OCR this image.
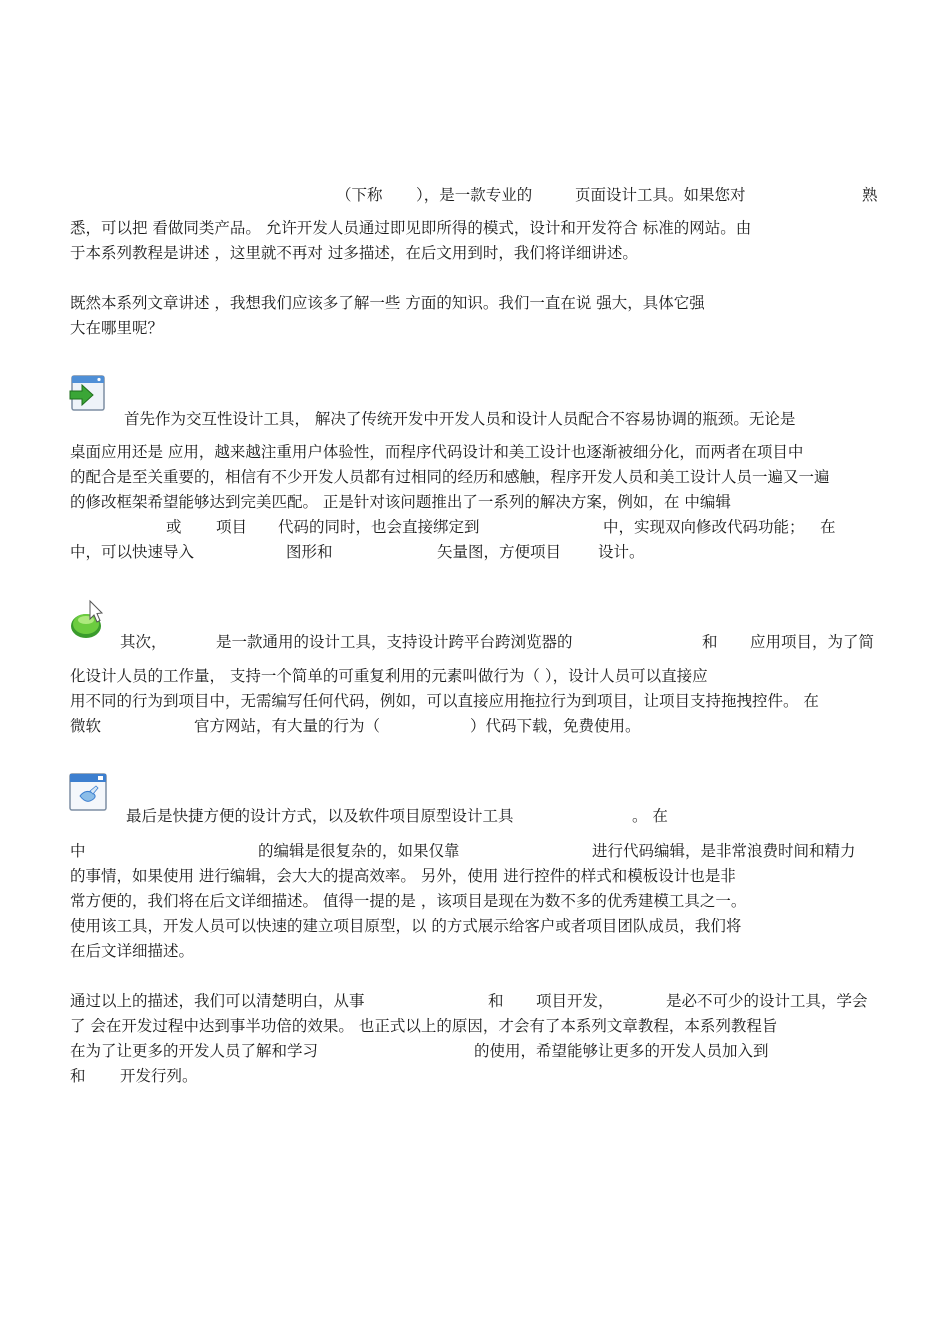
（下称 ），是一款专业的	页面设计工具。如果您对	熟
悉，可以把 看做同类产品。 允许开发人员通过即见即所得的模式，设计和开发符合 标准的网站。由
于本系列教程是讲述 ，这里就不再对 过多描述，在后文用到时，我们将详细讲述。
既然本系列文章讲述 ，我想我们应该多了解一些 方面的知识。我们一直在说 强大，具体它强
大在哪里呢？
首先作为交互性设计工具， 解决了传统开发中开发人员和设计人员配合不容易协调的瓶颈。无论是
桌面应用还是 应用，越来越注重用户体验性，而程序代码设计和美工设计也逐渐被细分化，而两者在项目中
的配合是至关重要的，相信有不少开发人员都有过相同的经历和感触，程序开发人员和美工设计人员一遍又一遍
的修改框架希望能够达到完美匹配。 正是针对该问题推出了一系列的解决方案，例如，在 中编辑
或 项目 代码的同时，也会直接绑定到	中，实现双向修改代码功能； 在
中，可以快速导入	图形和	矢量图，方便项目 设计。
其次，	是一款通用的设计工具，支持设计跨平台跨浏览器的	和 应用项目，为了简
化设计人员的工作量， 支持一个简单的可重复利用的元素叫做行为（ ），设计人员可以直接应
用不同的行为到项目中，无需编写任何代码，例如，可以直接应用拖拉行为到项目，让项目支持拖拽控件。 在
微软	官方网站，有大量的行为（	）代码下载，免费使用。
最后是快捷方便的设计方式，以及软件项目原型设计工具	。 在
中	的编辑是很复杂的，如果仅靠	进行代码编辑，是非常浪费时间和精力
的事情，如果使用 进行编辑，会大大的提高效率。 另外，使用 进行控件的样式和模板设计也是非
常方便的，我们将在后文详细描述。 值得一提的是 ，该项目是现在为数不多的优秀建模工具之一。
使用该工具，开发人员可以快速的建立项目原型，以 的方式展示给客户或者项目团队成员，我们将
在后文详细描述。
通过以上的描述，我们可以清楚明白，从事	和 项目开发，	是必不可少的设计工具，学会
了 会在开发过程中达到事半功倍的效果。 也正式以上的原因，才会有了本系列文章教程，本系列教程旨
在为了让更多的开发人员了解和学习	的使用，希望能够让更多的开发人员加入到
和 开发行列。
